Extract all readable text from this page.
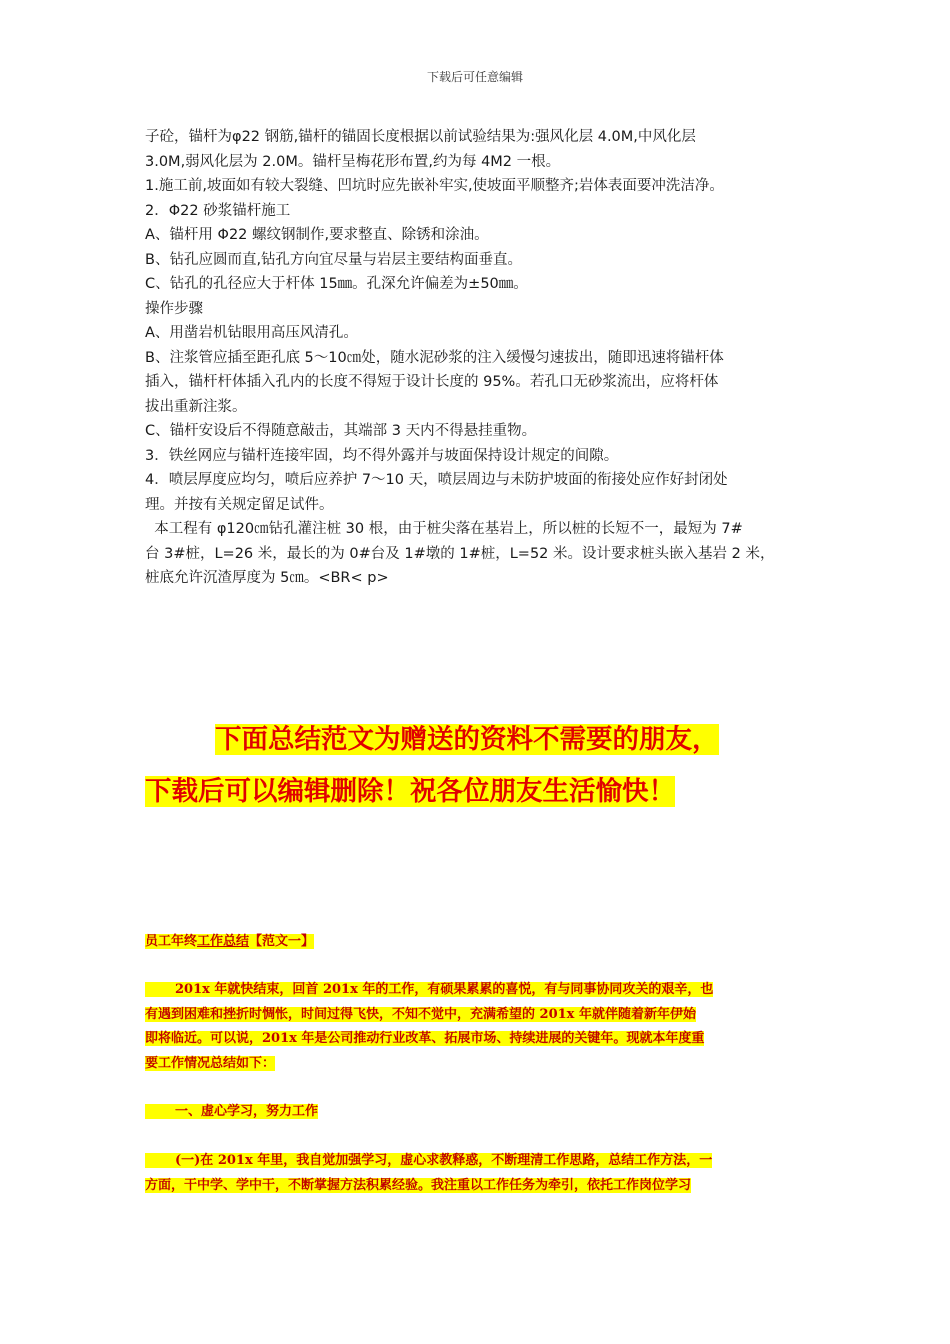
下载后可任意编辑

子砼，锚杆为φ22 钢筋,锚杆的锚固长度根据以前试验结果为:强风化层 4.0M,中风化层

3.0M,弱风化层为 2.0M。锚杆呈梅花形布置,约为每 4M2 一根。

1.施工前,坡面如有较大裂缝、凹坑时应先嵌补牢实,使坡面平顺整齐;岩体表面要冲洗洁净。

2．Φ22 砂浆锚杆施工

A、锚杆用 Φ22 螺纹钢制作,要求整直、除锈和涂油。

B、钻孔应圆而直,钻孔方向宜尽量与岩层主要结构面垂直。

C、钻孔的孔径应大于杆体 15㎜。孔深允许偏差为±50㎜。

操作步骤

A、用凿岩机钻眼用高压风清孔。

B、注浆管应插至距孔底 5～10㎝处，随水泥砂浆的注入缓慢匀速拔出，随即迅速将锚杆体

插入，锚杆杆体插入孔内的长度不得短于设计长度的 95%。若孔口无砂浆流出，应将杆体

拔出重新注浆。

C、锚杆安设后不得随意敲击，其端部 3 天内不得悬挂重物。

3．铁丝网应与锚杆连接牢固，均不得外露并与坡面保持设计规定的间隙。

4．喷层厚度应均匀，喷后应养护 7～10 天，喷层周边与未防护坡面的衔接处应作好封闭处

理。并按有关规定留足试件。

本工程有 φ120㎝钻孔灌注桩 30 根，由于桩尖落在基岩上，所以桩的长短不一，最短为 7#

台 3#桩，L=26 米，最长的为 0#台及 1#墩的 1#桩，L=52 米。设计要求桩头嵌入基岩 2 米，

桩底允许沉渣厚度为 5㎝。<BR< p>

下面总结范文为赠送的资料不需要的朋友，
下载后可以编辑删除！祝各位朋友生活愉快！
员工年终工作总结【范文一】
201x 年就快结束，回首 201x 年的工作，有硕果累累的喜悦，有与同事协同攻关的艰辛，也
有遇到困难和挫折时惆怅，时间过得飞快，不知不觉中，充满希望的 201x 年就伴随着新年伊始
即将临近。可以说，201x 年是公司推动行业改革、拓展市场、持续进展的关键年。现就本年度重
要工作情况总结如下：
一、虚心学习，努力工作
(一)在 201x 年里，我自觉加强学习，虚心求教释惑，不断理清工作思路，总结工作方法，一
方面，干中学、学中干，不断掌握方法积累经验。我注重以工作任务为牵引，依托工作岗位学习
